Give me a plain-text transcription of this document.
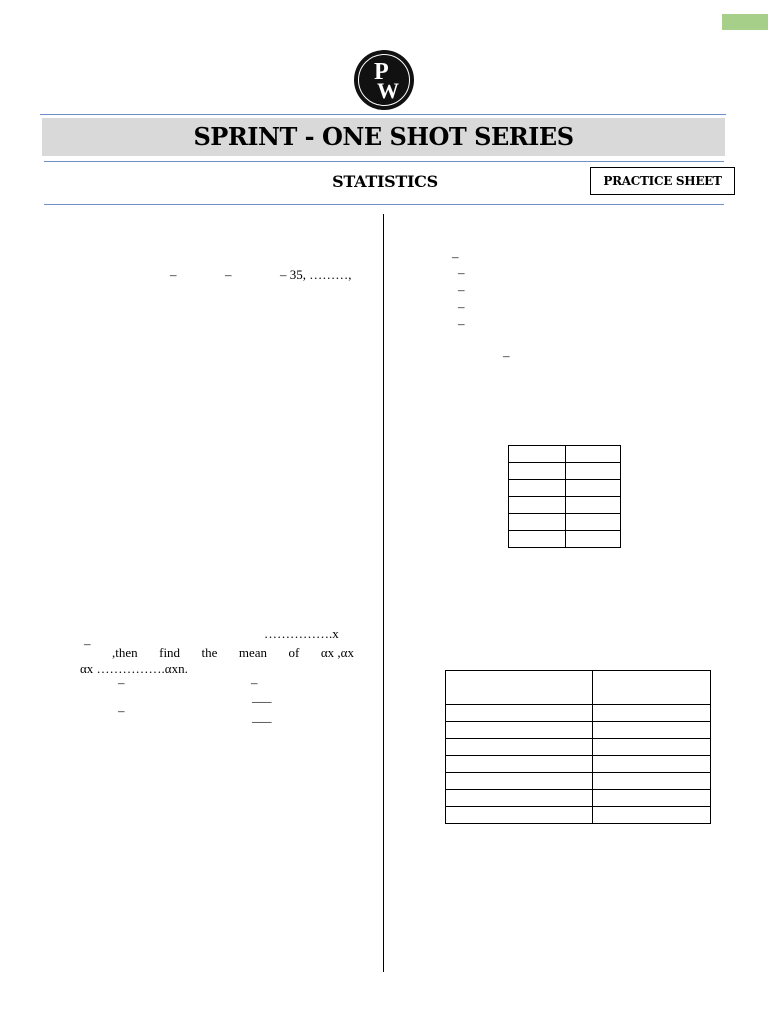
P
W
SPRINT - ONE SHOT SERIES
STATISTICS	PRACTICE SHEET
–	–	– 35, ………,
…………….x
–
,then find the mean of αx ,αx
αx …………….αxn.
–	–
___
–	___
–
–
–
–
–
–
